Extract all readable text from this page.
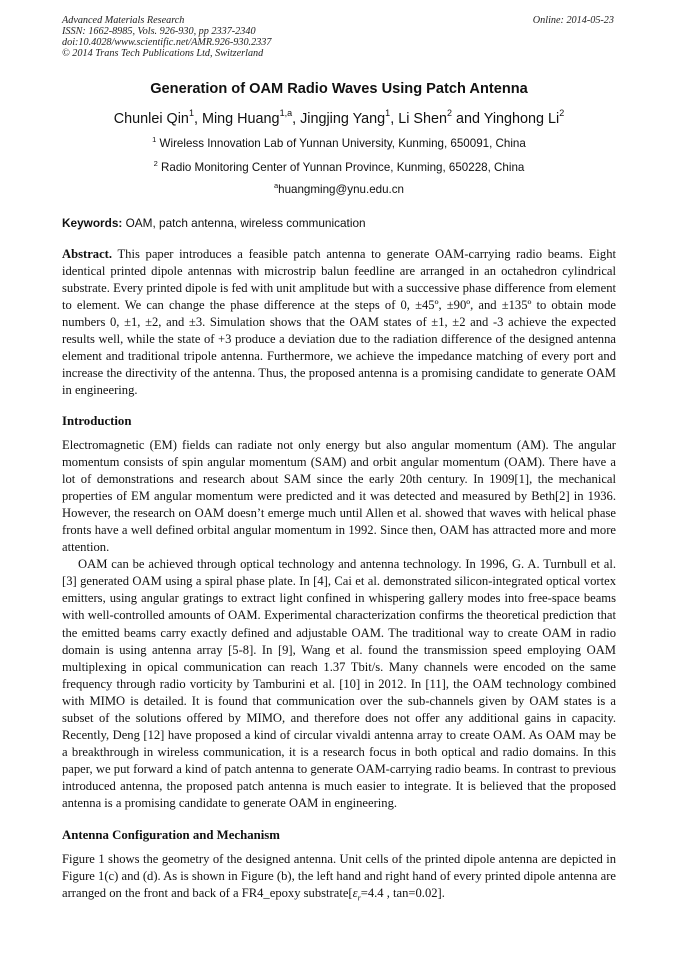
Advanced Materials Research
ISSN: 1662-8985, Vols. 926-930, pp 2337-2340
doi:10.4028/www.scientific.net/AMR.926-930.2337
© 2014 Trans Tech Publications Ltd, Switzerland
Online: 2014-05-23
Generation of OAM Radio Waves Using Patch Antenna
Chunlei Qin$^1$, Ming Huang$^{1,a}$, Jingjing Yang$^1$, Li Shen$^2$ and Yinghong Li$^2$
$^1$ Wireless Innovation Lab of Yunnan University, Kunming, 650091, China
$^2$ Radio Monitoring Center of Yunnan Province, Kunming, 650228, China
$^a$huangming@ynu.edu.cn
Keywords: OAM, patch antenna, wireless communication
Abstract. This paper introduces a feasible patch antenna to generate OAM-carrying radio beams. Eight identical printed dipole antennas with microstrip balun feedline are arranged in an octahedron cylindrical substrate. Every printed dipole is fed with unit amplitude but with a successive phase difference from element to element. We can change the phase difference at the steps of 0, ±45º, ±90º, and ±135º to obtain mode numbers 0, ±1, ±2, and ±3. Simulation shows that the OAM states of ±1, ±2 and -3 achieve the expected results well, while the state of +3 produce a deviation due to the radiation difference of the designed antenna element and traditional tripole antenna. Furthermore, we achieve the impedance matching of every port and increase the directivity of the antenna. Thus, the proposed antenna is a promising candidate to generate OAM in engineering.
Introduction
Electromagnetic (EM) fields can radiate not only energy but also angular momentum (AM). The angular momentum consists of spin angular momentum (SAM) and orbit angular momentum (OAM). There have a lot of demonstrations and research about SAM since the early 20th century. In 1909[1], the mechanical properties of EM angular momentum were predicted and it was detected and measured by Beth[2] in 1936. However, the research on OAM doesn’t emerge much until Allen et al. showed that waves with helical phase fronts have a well defined orbital angular momentum in 1992. Since then, OAM has attracted more and more attention.
OAM can be achieved through optical technology and antenna technology. In 1996, G. A. Turnbull et al. [3] generated OAM using a spiral phase plate. In [4], Cai et al. demonstrated silicon-integrated optical vortex emitters, using angular gratings to extract light confined in whispering gallery modes into free-space beams with well-controlled amounts of OAM. Experimental characterization confirms the theoretical prediction that the emitted beams carry exactly defined and adjustable OAM. The traditional way to create OAM in radio domain is using antenna array [5-8]. In [9], Wang et al. found the transmission speed employing OAM multiplexing in opical communication can reach 1.37 Tbit/s. Many channels were encoded on the same frequency through radio vorticity by Tamburini et al. [10] in 2012. In [11], the OAM technology combined with MIMO is detailed. It is found that communication over the sub-channels given by OAM states is a subset of the solutions offered by MIMO, and therefore does not offer any additional gains in capacity. Recently, Deng [12] have proposed a kind of circular vivaldi antenna array to create OAM. As OAM may be a breakthrough in wireless communication, it is a research focus in both optical and radio domains. In this paper, we put forward a kind of patch antenna to generate OAM-carrying radio beams. In contrast to previous introduced antenna, the proposed patch antenna is much easier to integrate. It is believed that the proposed antenna is a promising candidate to generate OAM in engineering.
Antenna Configuration and Mechanism
Figure 1 shows the geometry of the designed antenna. Unit cells of the printed dipole antenna are depicted in Figure 1(c) and (d). As is shown in Figure (b), the left hand and right hand of every printed dipole antenna are arranged on the front and back of a FR4_epoxy $substrate[\varepsilon_r=4.4$ , tan=0.02].
